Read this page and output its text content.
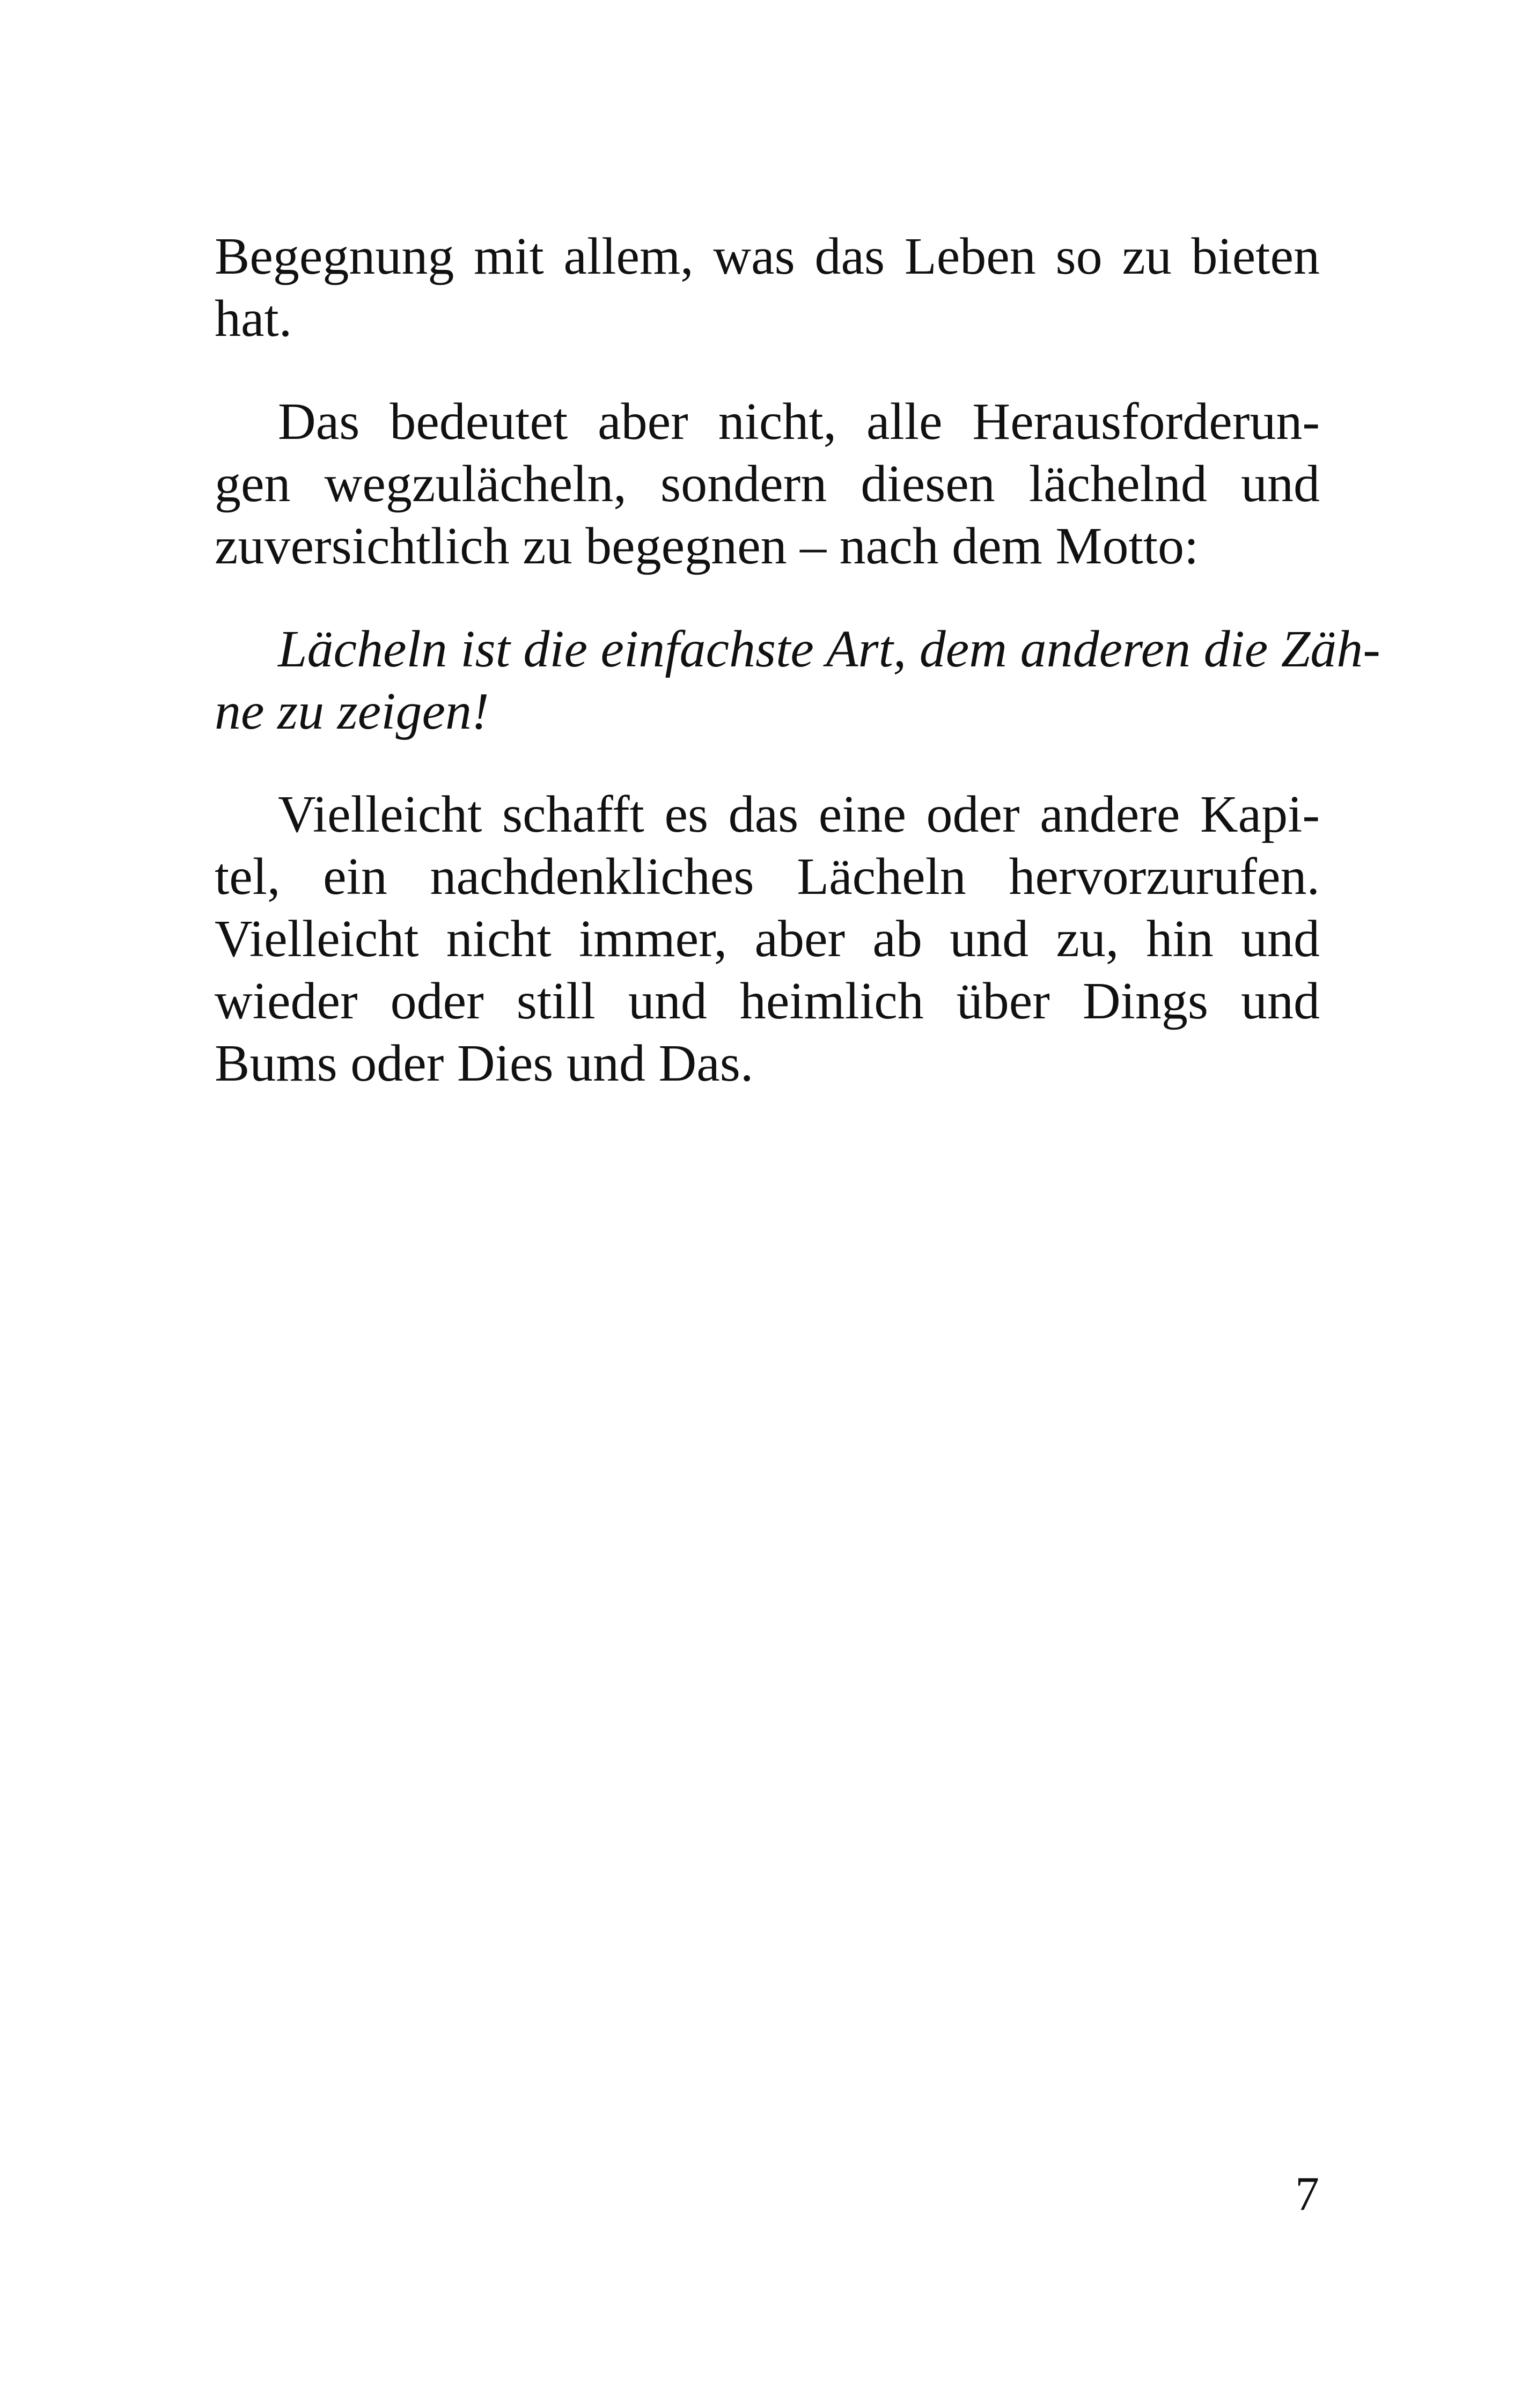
Begegnung mit allem, was das Leben so zu bieten
hat.

Das bedeutet aber nicht, alle Herausforderun-
gen wegzulächeln, sondern diesen lächelnd und
zuversichtlich zu begegnen – nach dem Motto:

Lächeln ist die einfachste Art, dem anderen die Zäh-
ne zu zeigen!

Vielleicht schafft es das eine oder andere Kapi-
tel, ein nachdenkliches Lächeln hervorzurufen.
Vielleicht nicht immer, aber ab und zu, hin und
wieder oder still und heimlich über Dings und
Bums oder Dies und Das.

7
